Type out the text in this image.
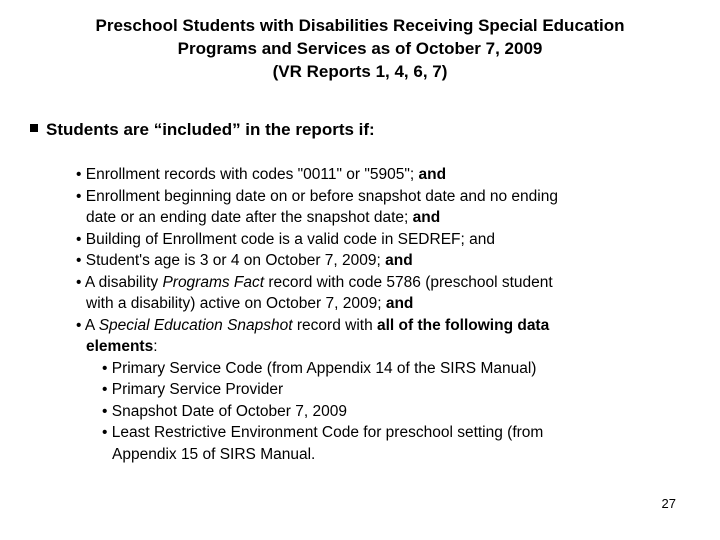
Preschool Students with Disabilities Receiving Special Education
Programs and Services as of October 7, 2009
(VR Reports 1, 4, 6, 7)
Students are “included” in the reports if:
• Enrollment records with codes "0011" or "5905"; and
• Enrollment beginning date on or before snapshot date and no ending
date or an ending date after the snapshot date; and
• Building of Enrollment code is a valid code in SEDREF; and
• Student's age is 3 or 4 on October 7, 2009; and
• A disability Programs Fact record with code 5786 (preschool student
with a disability) active on October 7, 2009; and
• A Special Education Snapshot record with all of the following data
elements:
• Primary Service Code (from Appendix 14 of the SIRS Manual)
• Primary Service Provider
• Snapshot Date of October 7, 2009
• Least Restrictive Environment Code for preschool setting (from
Appendix 15 of SIRS Manual.
27
